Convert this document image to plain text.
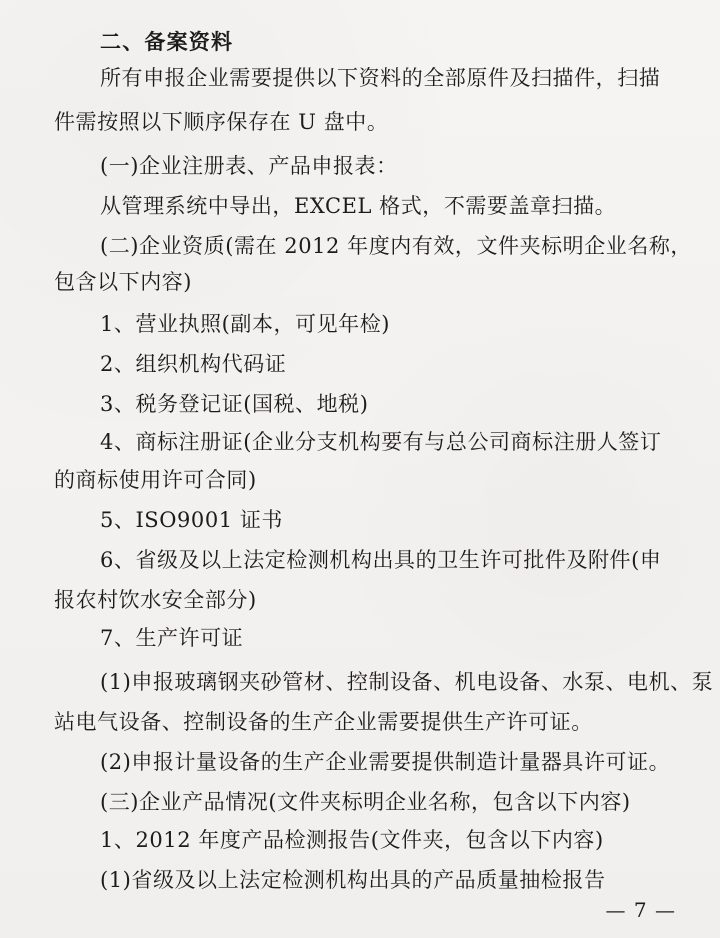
二、备案资料
所有申报企业需要提供以下资料的全部原件及扫描件，扫描
件需按照以下顺序保存在 U 盘中。
(一)企业注册表、产品申报表：
从管理系统中导出，EXCEL 格式，不需要盖章扫描。
(二)企业资质(需在 2012 年度内有效，文件夹标明企业名称，
包含以下内容)
1、营业执照(副本，可见年检)
2、组织机构代码证
3、税务登记证(国税、地税)
4、商标注册证(企业分支机构要有与总公司商标注册人签订
的商标使用许可合同)
5、ISO9001 证书
6、省级及以上法定检测机构出具的卫生许可批件及附件(申
报农村饮水安全部分)
7、生产许可证
(1)申报玻璃钢夹砂管材、控制设备、机电设备、水泵、电机、泵
站电气设备、控制设备的生产企业需要提供生产许可证。
(2)申报计量设备的生产企业需要提供制造计量器具许可证。
(三)企业产品情况(文件夹标明企业名称，包含以下内容)
1、2012 年度产品检测报告(文件夹，包含以下内容)
(1)省级及以上法定检测机构出具的产品质量抽检报告
— 7 —
